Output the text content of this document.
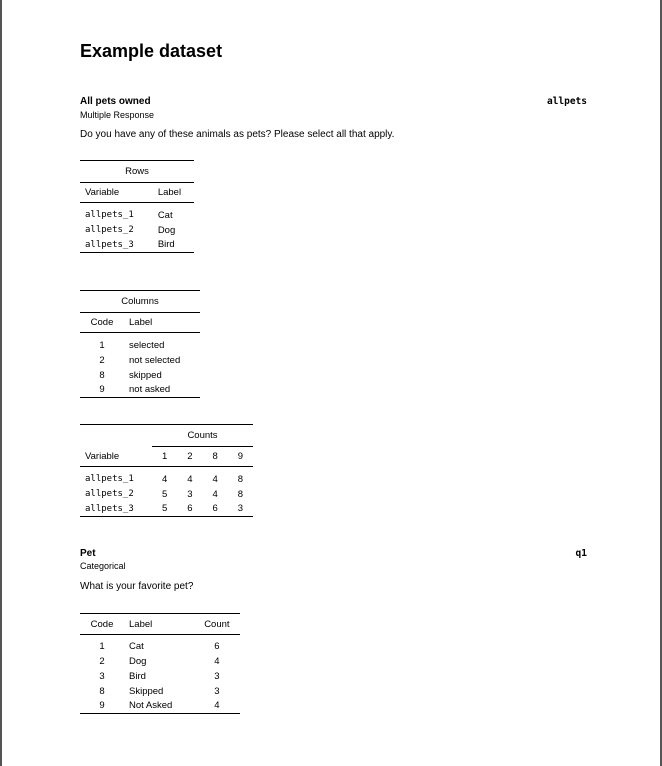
Example dataset
All pets owned	allpets
Multiple Response
Do you have any of these animals as pets? Please select all that apply.
Rows	
Variable	Label

allpets_1	Cat
allpets_2	Dog
allpets_3	Bird
Columns	
Code	Label

1	selected
2	not selected
8	skipped
9	not asked
	Counts			
Variable	1	2	8	9

allpets_1	4	4	4	8
allpets_2	5	3	4	8
allpets_3	5	6	6	3
Pet	q1
Categorical
What is your favorite pet?
Code	Label	Count

1	Cat	6
2	Dog	4
3	Bird	3
8	Skipped	3
9	Not Asked	4
